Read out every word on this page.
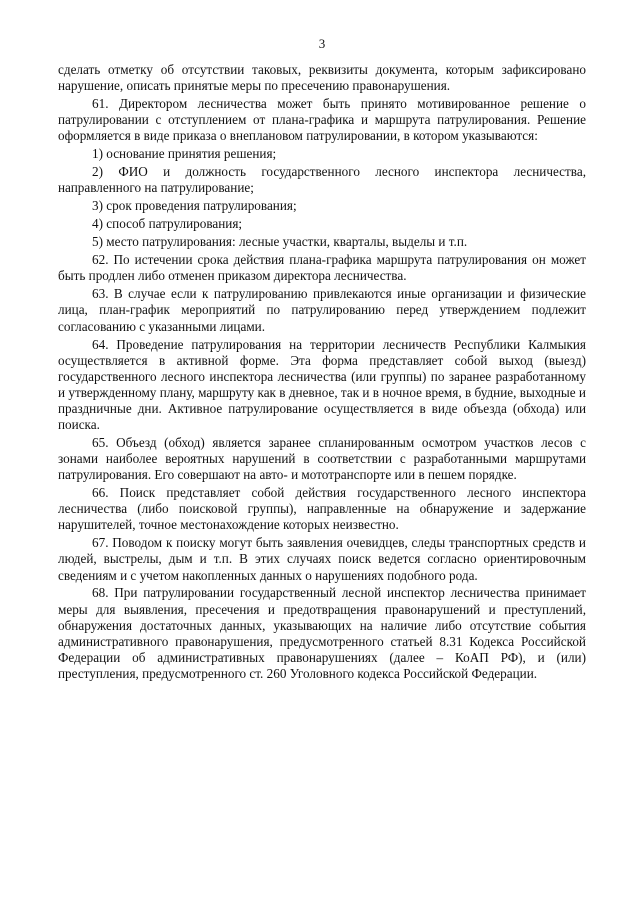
3

сделать отметку об отсутствии таковых, реквизиты документа, которым зафиксировано нарушение, описать принятые меры по пресечению правонарушения.

61. Директором лесничества может быть принято мотивированное решение о патрулировании с отступлением от плана-графика и маршрута патрулирования. Решение оформляется в виде приказа о внеплановом патрулировании, в котором указываются:

1) основание принятия решения;

2) ФИО и должность государственного лесного инспектора лесничества, направленного на патрулирование;

3) срок проведения патрулирования;

4) способ патрулирования;

5) место патрулирования: лесные участки, кварталы, выделы и т.п.

62. По истечении срока действия плана-графика маршрута патрулирования он может быть продлен либо отменен приказом директора лесничества.

63. В случае если к патрулированию привлекаются иные организации и физические лица, план-график мероприятий по патрулированию перед утверждением подлежит согласованию с указанными лицами.

64. Проведение патрулирования на территории лесничеств Республики Калмыкия осуществляется в активной форме. Эта форма представляет собой выход (выезд) государственного лесного инспектора лесничества (или группы) по заранее разработанному и утвержденному плану, маршруту как в дневное, так и в ночное время, в будние, выходные и праздничные дни. Активное патрулирование осуществляется в виде объезда (обхода) или поиска.

65. Объезд (обход) является заранее спланированным осмотром участков лесов с зонами наиболее вероятных нарушений в соответствии с разработанными маршрутами патрулирования. Его совершают на авто- и мототранспорте или в пешем порядке.

66. Поиск представляет собой действия государственного лесного инспектора лесничества (либо поисковой группы), направленные на обнаружение и задержание нарушителей, точное местонахождение которых неизвестно.

67. Поводом к поиску могут быть заявления очевидцев, следы транспортных средств и людей, выстрелы, дым и т.п. В этих случаях поиск ведется согласно ориентировочным сведениям и с учетом накопленных данных о нарушениях подобного рода.

68. При патрулировании государственный лесной инспектор лесничества принимает меры для выявления, пресечения и предотвращения правонарушений и преступлений, обнаружения достаточных данных, указывающих на наличие либо отсутствие события административного правонарушения, предусмотренного статьей 8.31 Кодекса Российской Федерации об административных правонарушениях (далее – КоАП РФ), и (или) преступления, предусмотренного ст. 260 Уголовного кодекса Российской Федерации.
